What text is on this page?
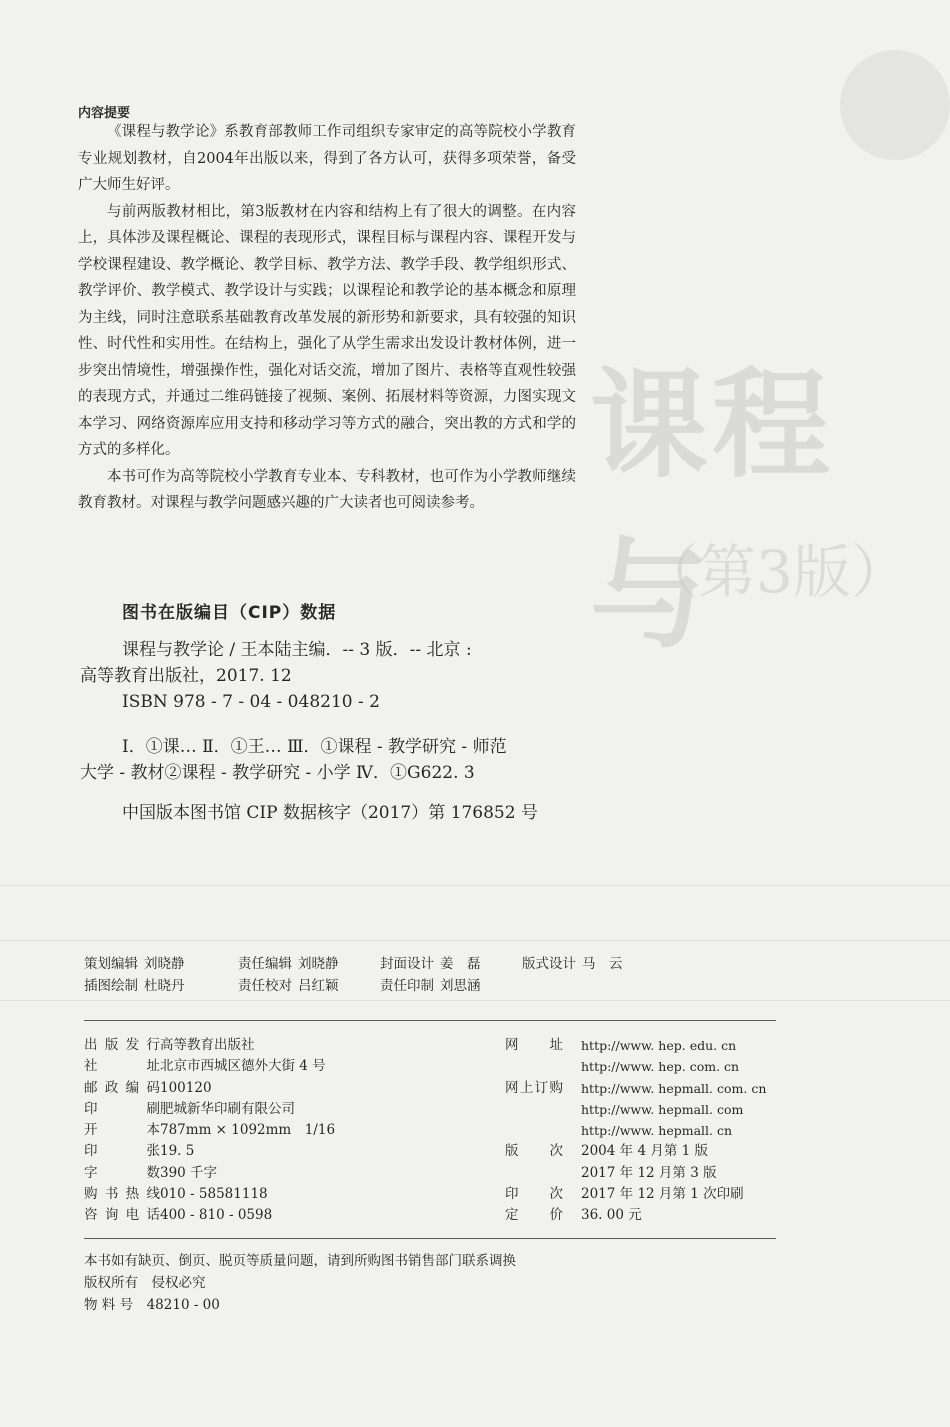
课程与
（第3版）
内容提要

《课程与教学论》系教育部教师工作司组织专家审定的高等院校小学教育专业规划教材，自2004年出版以来，得到了各方认可，获得多项荣誉，备受广大师生好评。

与前两版教材相比，第3版教材在内容和结构上有了很大的调整。在内容上，具体涉及课程概论、课程的表现形式，课程目标与课程内容、课程开发与学校课程建设、教学概论、教学目标、教学方法、教学手段、教学组织形式、教学评价、教学模式、教学设计与实践；以课程论和教学论的基本概念和原理为主线，同时注意联系基础教育改革发展的新形势和新要求，具有较强的知识性、时代性和实用性。在结构上，强化了从学生需求出发设计教材体例，进一步突出情境性，增强操作性，强化对话交流，增加了图片、表格等直观性较强的表现方式，并通过二维码链接了视频、案例、拓展材料等资源，力图实现文本学习、网络资源库应用支持和移动学习等方式的融合，突出教的方式和学的方式的多样化。

本书可作为高等院校小学教育专业本、专科教材，也可作为小学教师继续教育教材。对课程与教学问题感兴趣的广大读者也可阅读参考。

图书在版编目（CIP）数据
课程与教学论 / 王本陆主编．-- 3 版．-- 北京 :
高等教育出版社，2017. 12
ISBN 978 - 7 - 04 - 048210 - 2
Ⅰ．①课… Ⅱ．①王… Ⅲ．①课程 - 教学研究 - 师范
大学 - 教材②课程 - 教学研究 - 小学 Ⅳ．①G622. 3
中国版本图书馆 CIP 数据核字（2017）第 176852 号
策划编辑	刘晓静	责任编辑	刘晓静	封面设计	姜　磊	版式设计	马　云
插图绘制	杜晓丹	责任校对	吕红颖	责任印制	刘思涵		
出版发行	高等教育出版社
社址	北京市西城区德外大街 4 号
邮政编码	100120
印刷	肥城新华印刷有限公司
开本	787mm × 1092mm　1/16
印张	19. 5
字数	390 千字
购书热线	010 - 58581118
咨询电话	400 - 810 - 0598
网址		http://www. hep. edu. cn
		http://www. hep. com. cn
网上订购		http://www. hepmall. com. cn
		http://www. hepmall. com
		http://www. hepmall. cn
版次		2004 年 4 月第 1 版
		2017 年 12 月第 3 版
印次		2017 年 12 月第 1 次印刷
定价		36. 00 元
本书如有缺页、倒页、脱页等质量问题，请到所购图书销售部门联系调换
版权所有　 侵权必究
物 料 号　 48210 - 00
